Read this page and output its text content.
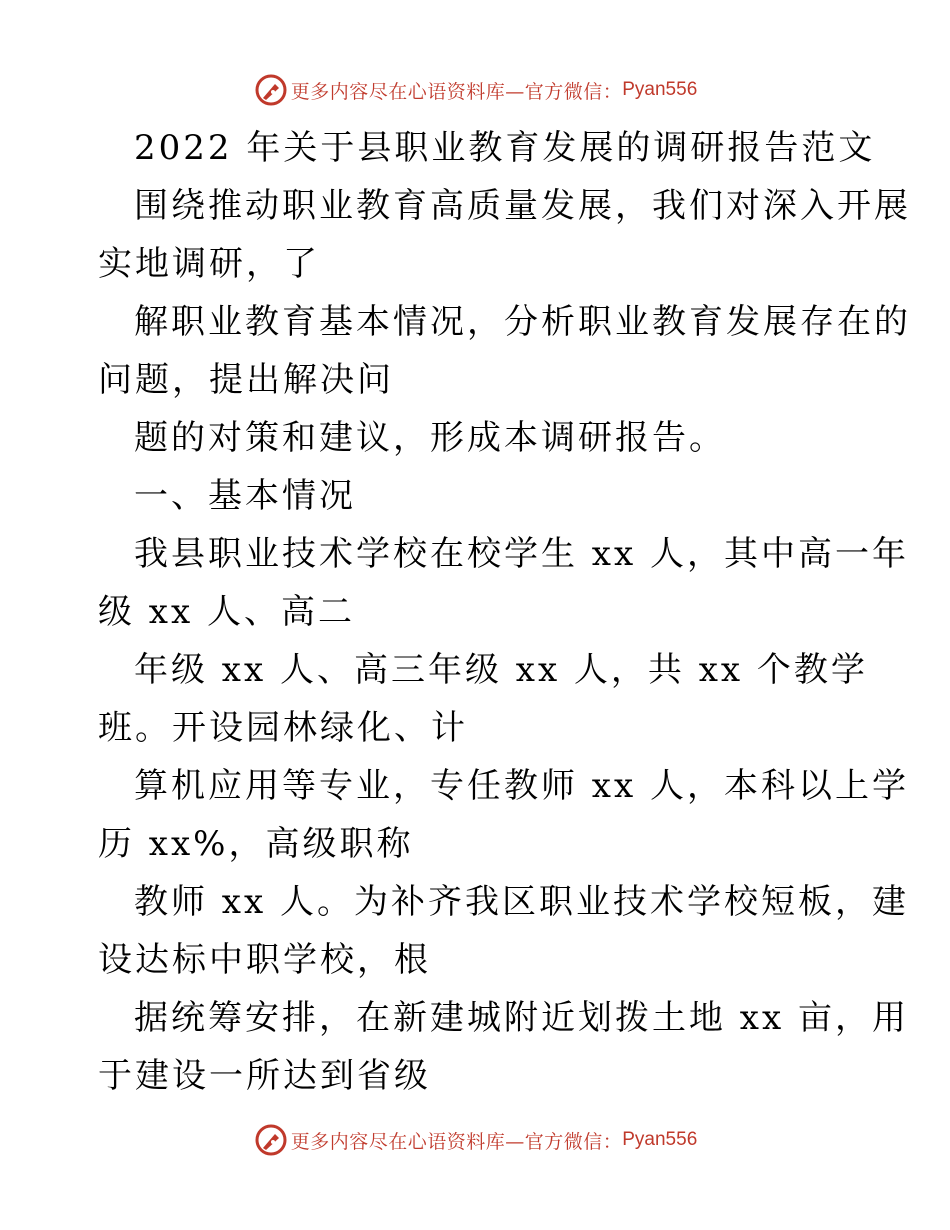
更多内容尽在心语资料库—官方微信： Pyan556
2022 年关于县职业教育发展的调研报告范文
围绕推动职业教育高质量发展，我们对深入开展
实地调研，了
解职业教育基本情况，分析职业教育发展存在的
问题，提出解决问
题的对策和建议，形成本调研报告。
一、基本情况
我县职业技术学校在校学生 xx 人，其中高一年
级 xx 人、高二
年级 xx 人、高三年级 xx 人，共 xx 个教学
班。开设园林绿化、计
算机应用等专业，专任教师 xx 人，本科以上学
历 xx%，高级职称
教师 xx 人。为补齐我区职业技术学校短板，建
设达标中职学校，根
据统筹安排，在新建城附近划拨土地 xx 亩，用
于建设一所达到省级
更多内容尽在心语资料库—官方微信： Pyan556
